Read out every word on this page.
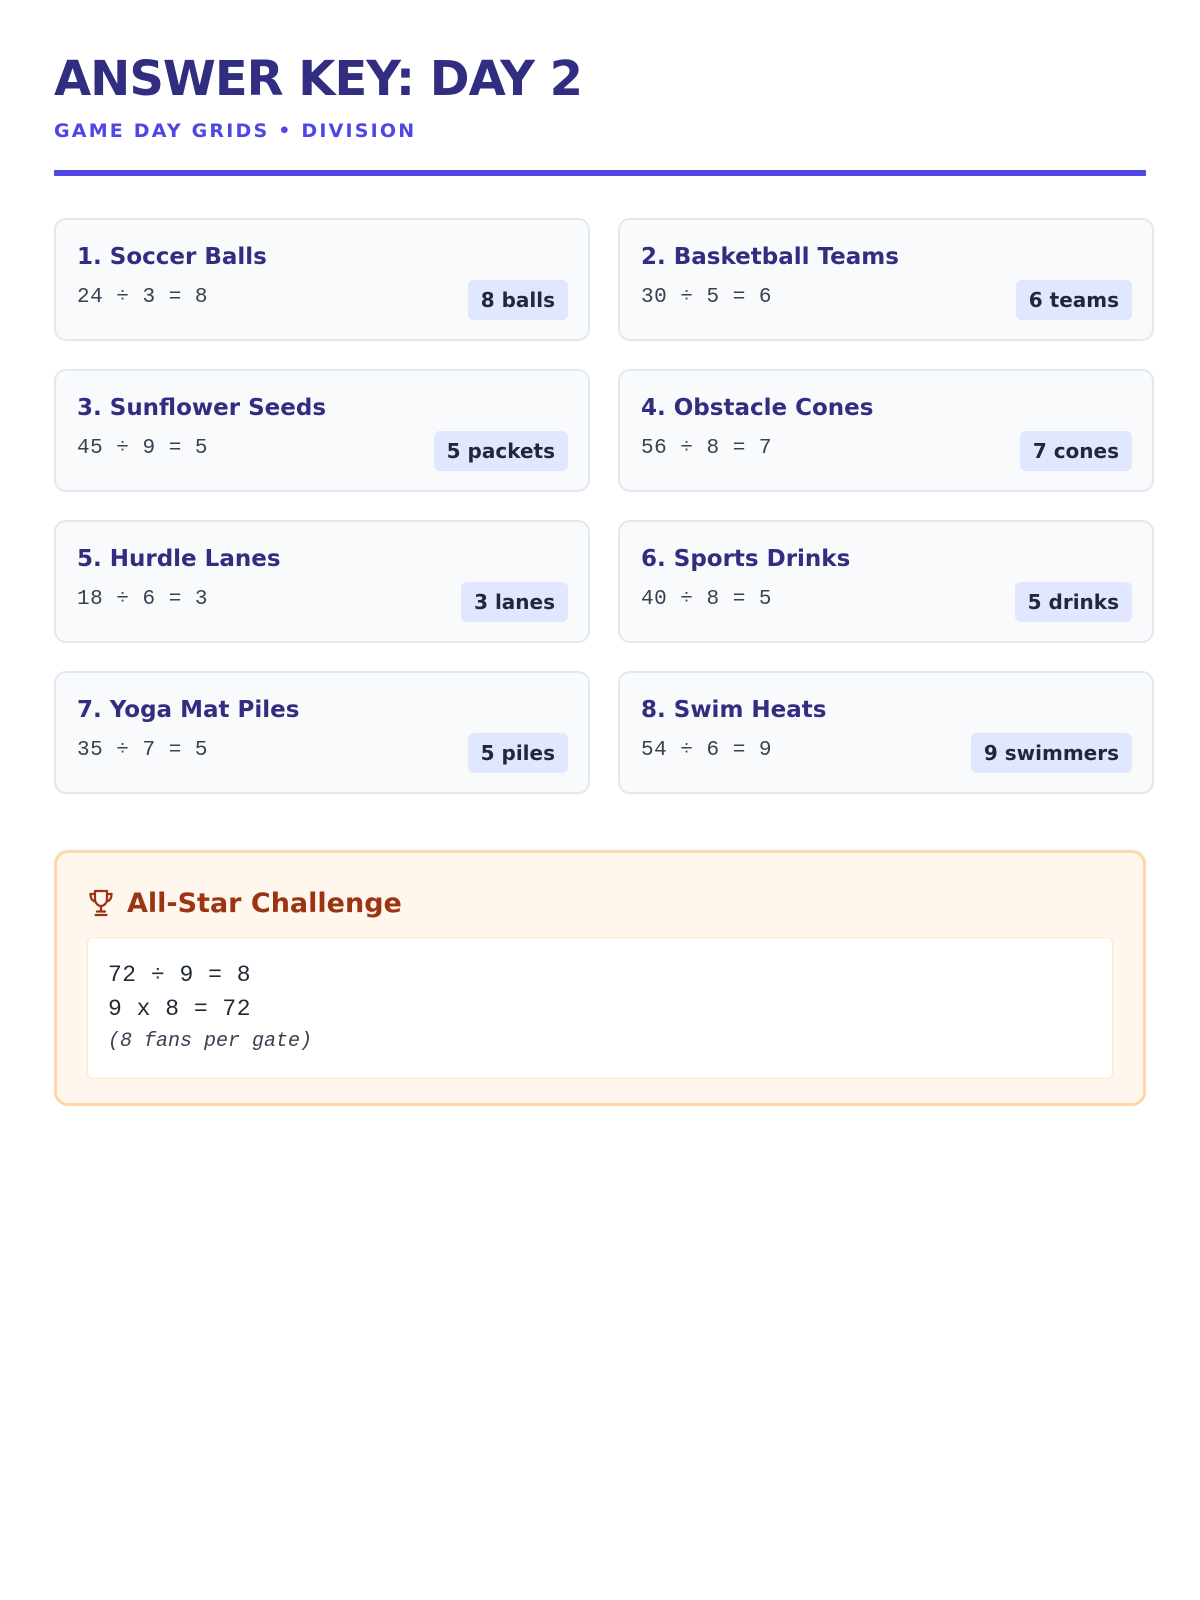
ANSWER KEY: DAY 2
GAME DAY GRIDS • DIVISION
1. Soccer Balls
24 ÷ 3 = 8	8 balls
2. Basketball Teams
30 ÷ 5 = 6	6 teams
3. Sunflower Seeds
45 ÷ 9 = 5	5 packets
4. Obstacle Cones
56 ÷ 8 = 7	7 cones
5. Hurdle Lanes
18 ÷ 6 = 3	3 lanes
6. Sports Drinks
40 ÷ 8 = 5	5 drinks
7. Yoga Mat Piles
35 ÷ 7 = 5	5 piles
8. Swim Heats
54 ÷ 6 = 9	9 swimmers
All-Star Challenge
72 ÷ 9 = 8
9 x 8 = 72
(8 fans per gate)
